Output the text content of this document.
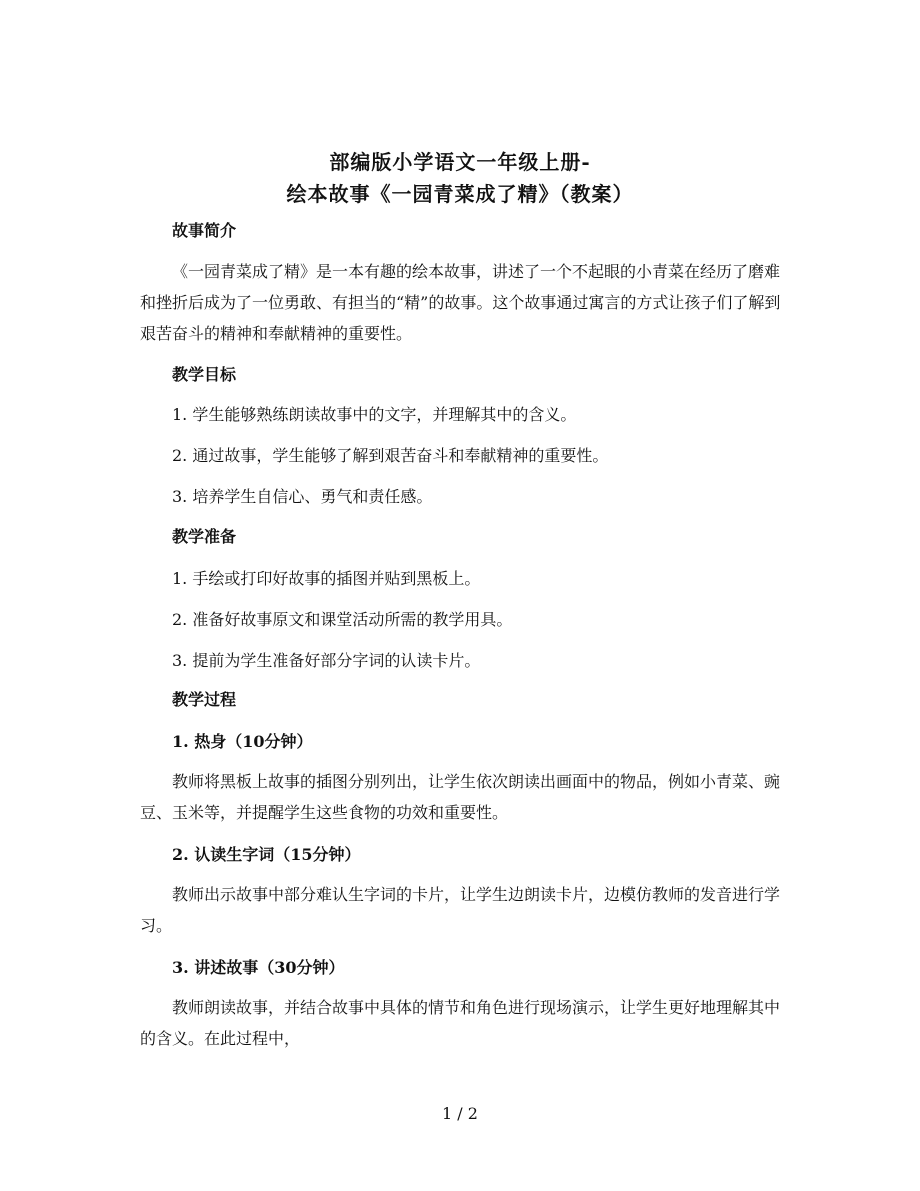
部编版小学语文一年级上册-
绘本故事《一园青菜成了精》（教案）
故事简介
《一园青菜成了精》是一本有趣的绘本故事，讲述了一个不起眼的小青菜在经历了磨难和挫折后成为了一位勇敢、有担当的“精”的故事。这个故事通过寓言的方式让孩子们了解到艰苦奋斗的精神和奉献精神的重要性。
教学目标
1. 学生能够熟练朗读故事中的文字，并理解其中的含义。
2. 通过故事，学生能够了解到艰苦奋斗和奉献精神的重要性。
3. 培养学生自信心、勇气和责任感。
教学准备
1. 手绘或打印好故事的插图并贴到黑板上。
2. 准备好故事原文和课堂活动所需的教学用具。
3. 提前为学生准备好部分字词的认读卡片。
教学过程
1. 热身（10分钟）
教师将黑板上故事的插图分别列出，让学生依次朗读出画面中的物品，例如小青菜、豌豆、玉米等，并提醒学生这些食物的功效和重要性。
2. 认读生字词（15分钟）
教师出示故事中部分难认生字词的卡片，让学生边朗读卡片，边模仿教师的发音进行学习。
3. 讲述故事（30分钟）
教师朗读故事，并结合故事中具体的情节和角色进行现场演示，让学生更好地理解其中的含义。在此过程中，
1 / 2
